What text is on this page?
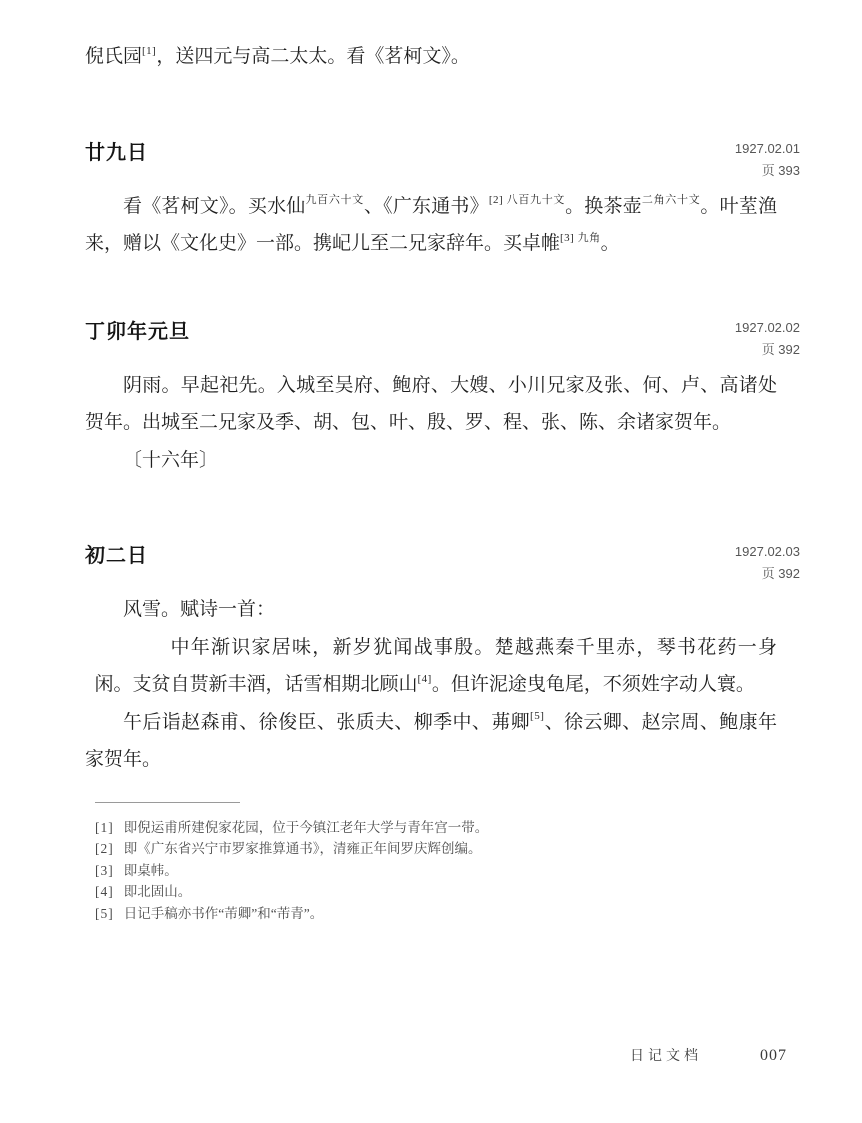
倪氏园[1]，送四元与高二太太。看《茗柯文》。

廿九日	1927.02.01
页 393

看《茗柯文》。买水仙$^{九百六十文}$、《广东通书》$^{[2] 八百九十文}$。换茶壶$^{二角六十文}$。叶荎渔来，赠以《文化史》一部。携屺儿至二兄家辞年。买卓帷$^{[3] 九角}$。

丁卯年元旦	1927.02.02
页 392

阴雨。早起祀先。入城至吴府、鲍府、大嫂、小川兄家及张、何、卢、高诸处贺年。出城至二兄家及季、胡、包、叶、殷、罗、程、张、陈、余诸家贺年。

〔十六年〕

初二日	1927.02.03
页 392

风雪。赋诗一首：

中年渐识家居味，新岁犹闻战事殷。楚越燕秦千里赤，琴书花药一身闲。支贫自贳新丰酒，话雪相期北顾山[4]。但许泥途曳龟尾，不须姓字动人寰。

午后诣赵森甫、徐俊臣、张质夫、柳季中、茀卿[5]、徐云卿、赵宗周、鲍康年家贺年。

[1] 即倪运甫所建倪家花园，位于今镇江老年大学与青年宫一带。
[2] 即《广东省兴宁市罗家推算通书》，清雍正年间罗庆辉创编。
[3] 即桌帏。
[4] 即北固山。
[5] 日记手稿亦书作“芾卿”和“芾青”。
日记文档	007
